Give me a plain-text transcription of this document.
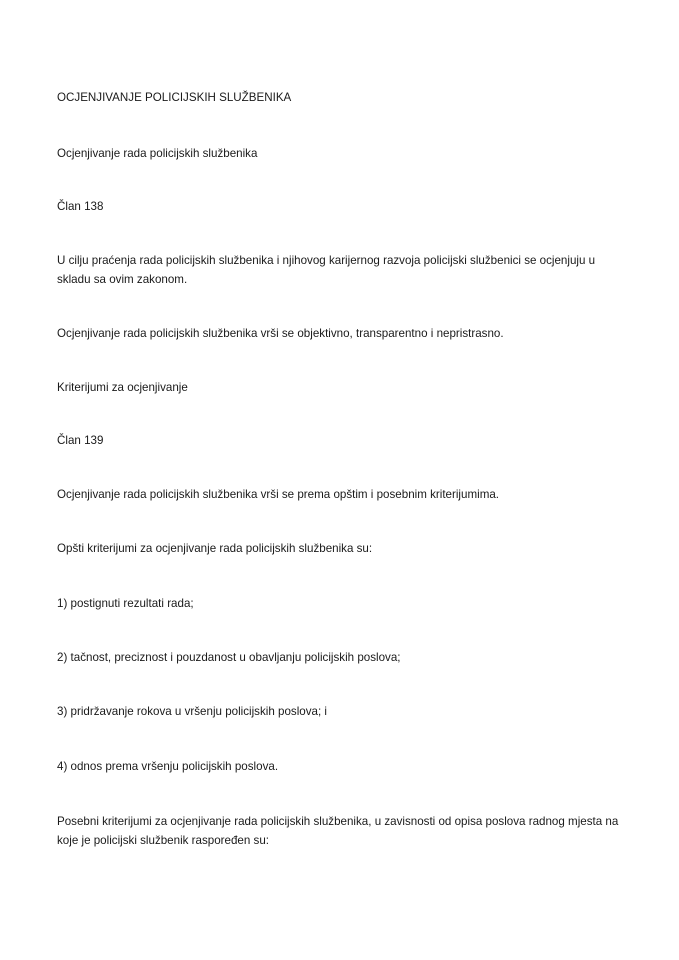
OCJENJIVANJE POLICIJSKIH SLUŽBENIKA
Ocjenjivanje rada policijskih službenika
Član 138
U cilju praćenja rada policijskih službenika i njihovog karijernog razvoja policijski službenici se ocjenjuju u skladu sa ovim zakonom.
Ocjenjivanje rada policijskih službenika vrši se objektivno, transparentno i nepristrasno.
Kriterijumi za ocjenjivanje
Član 139
Ocjenjivanje rada policijskih službenika vrši se prema opštim i posebnim kriterijumima.
Opšti kriterijumi za ocjenjivanje rada policijskih službenika su:
1) postignuti rezultati rada;
2) tačnost, preciznost i pouzdanost u obavljanju policijskih poslova;
3) pridržavanje rokova u vršenju policijskih poslova; i
4) odnos prema vršenju policijskih poslova.
Posebni kriterijumi za ocjenjivanje rada policijskih službenika, u zavisnosti od opisa poslova radnog mjesta na koje je policijski službenik raspoređen su:
